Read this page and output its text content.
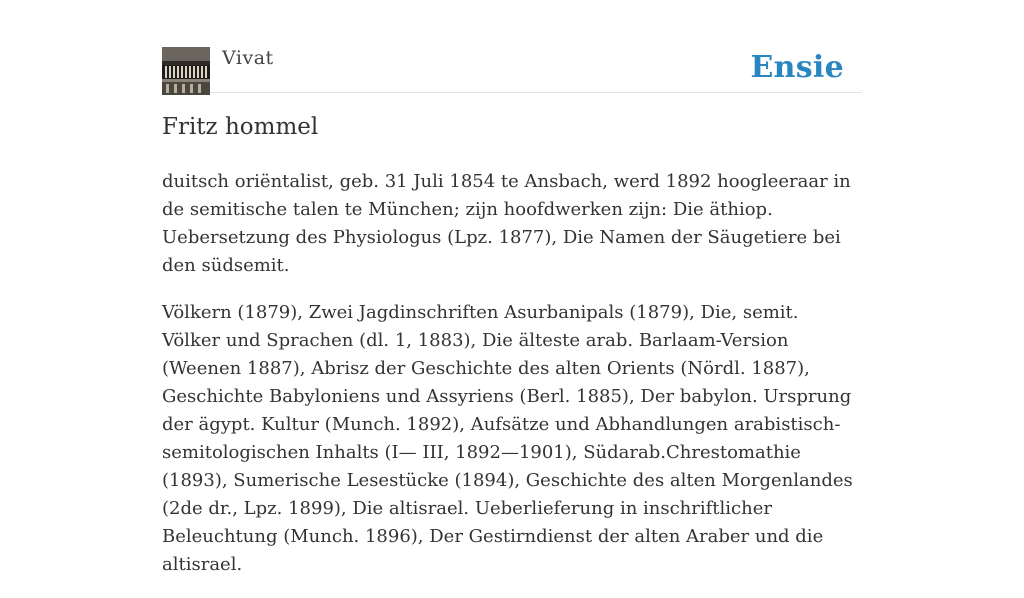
Vivat	Ensie
Fritz hommel

duitsch oriëntalist, geb. 31 Juli 1854 te Ansbach, werd 1892 hoogleeraar in de semitische talen te München; zijn hoofdwerken zijn: Die äthiop. Uebersetzung des Physiologus (Lpz. 1877), Die Namen der Säugetiere bei den südsemit.

Völkern (1879), Zwei Jagdinschriften Asurbanipals (1879), Die, semit. Völker und Sprachen (dl. 1, 1883), Die älteste arab. Barlaam-Version (Weenen 1887), Abrisz der Geschichte des alten Orients (Nördl. 1887), Geschichte Babyloniens und Assyriens (Berl. 1885), Der babylon. Ursprung der ägypt. Kultur (Munch. 1892), Aufsätze und Abhandlungen arabistisch-semitologischen Inhalts (I— III, 1892—1901), Südarab.Chrestomathie (1893), Sumerische Lesestücke (1894), Geschichte des alten Morgenlandes (2de dr., Lpz. 1899), Die altisrael. Ueberlieferung in inschriftlicher Beleuchtung (Munch. 1896), Der Gestirndienst der alten Araber und die altisrael.
